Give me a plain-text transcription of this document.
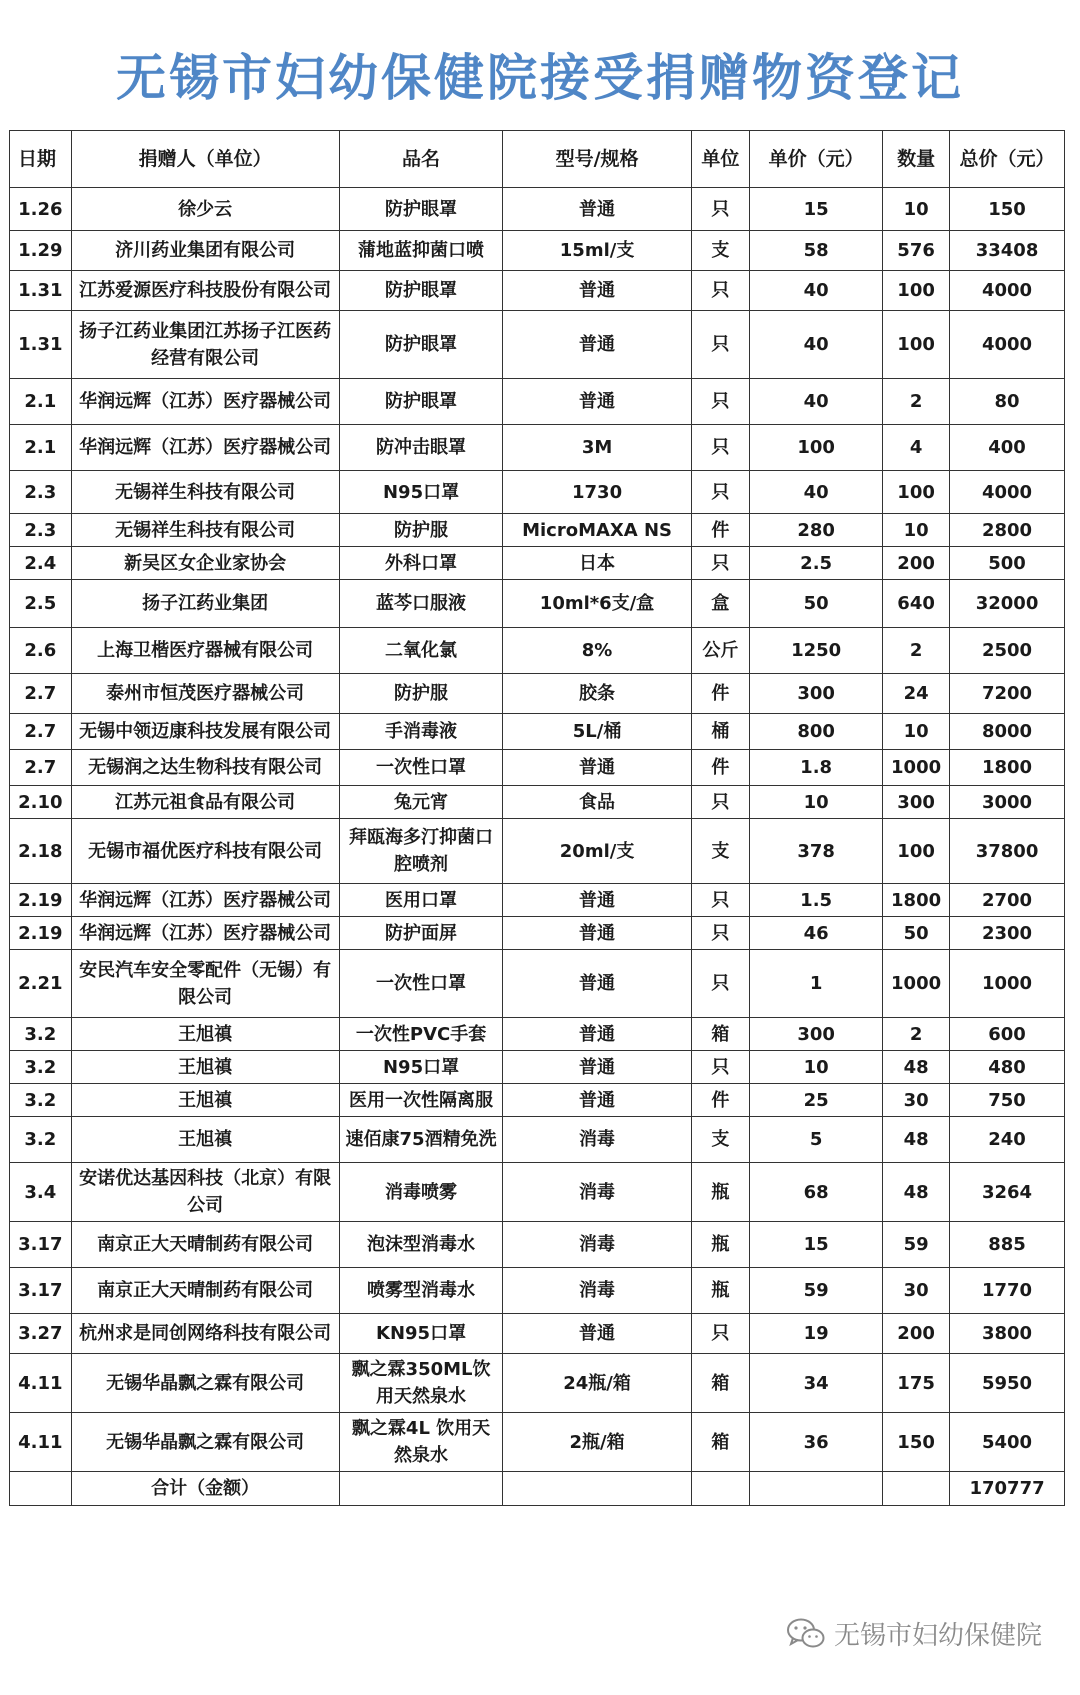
无锡市妇幼保健院接受捐赠物资登记
日期	捐赠人（单位）	品名	型号/规格	单位	单价（元）	数量	总价（元）
1.26	徐少云	防护眼罩	普通	只	15	10	150
1.29	济川药业集团有限公司	蒲地蓝抑菌口喷	15ml/支	支	58	576	33408
1.31	江苏爱源医疗科技股份有限公司	防护眼罩	普通	只	40	100	4000
1.31	扬子江药业集团江苏扬子江医药经营有限公司	防护眼罩	普通	只	40	100	4000
2.1	华润远辉（江苏）医疗器械公司	防护眼罩	普通	只	40	2	80
2.1	华润远辉（江苏）医疗器械公司	防冲击眼罩	3M	只	100	4	400
2.3	无锡祥生科技有限公司	N95口罩	1730	只	40	100	4000
2.3	无锡祥生科技有限公司	防护服	MicroMAXA NS	件	280	10	2800
2.4	新吴区女企业家协会	外科口罩	日本	只	2.5	200	500
2.5	扬子江药业集团	蓝芩口服液	10ml*6支/盒	盒	50	640	32000
2.6	上海卫楷医疗器械有限公司	二氧化氯	8%	公斤	1250	2	2500
2.7	泰州市恒茂医疗器械公司	防护服	胶条	件	300	24	7200
2.7	无锡中领迈康科技发展有限公司	手消毒液	5L/桶	桶	800	10	8000
2.7	无锡润之达生物科技有限公司	一次性口罩	普通	件	1.8	1000	1800
2.10	江苏元祖食品有限公司	兔元宵	食品	只	10	300	3000
2.18	无锡市福优医疗科技有限公司	拜瓯海多汀抑菌口腔喷剂	20ml/支	支	378	100	37800
2.19	华润远辉（江苏）医疗器械公司	医用口罩	普通	只	1.5	1800	2700
2.19	华润远辉（江苏）医疗器械公司	防护面屏	普通	只	46	50	2300
2.21	安民汽车安全零配件（无锡）有限公司	一次性口罩	普通	只	1	1000	1000
3.2	王旭禛	一次性PVC手套	普通	箱	300	2	600
3.2	王旭禛	N95口罩	普通	只	10	48	480
3.2	王旭禛	医用一次性隔离服	普通	件	25	30	750
3.2	王旭禛	速佰康75酒精免洗	消毒	支	5	48	240
3.4	安诺优达基因科技（北京）有限公司	消毒喷雾	消毒	瓶	68	48	3264
3.17	南京正大天晴制药有限公司	泡沫型消毒水	消毒	瓶	15	59	885
3.17	南京正大天晴制药有限公司	喷雾型消毒水	消毒	瓶	59	30	1770
3.27	杭州求是同创网络科技有限公司	KN95口罩	普通	只	19	200	3800
4.11	无锡华晶飘之霖有限公司	飘之霖350ML饮用天然泉水	24瓶/箱	箱	34	175	5950
4.11	无锡华晶飘之霖有限公司	飘之霖4L 饮用天然泉水	2瓶/箱	箱	36	150	5400
	合计（金额）						170777
无锡市妇幼保健院
